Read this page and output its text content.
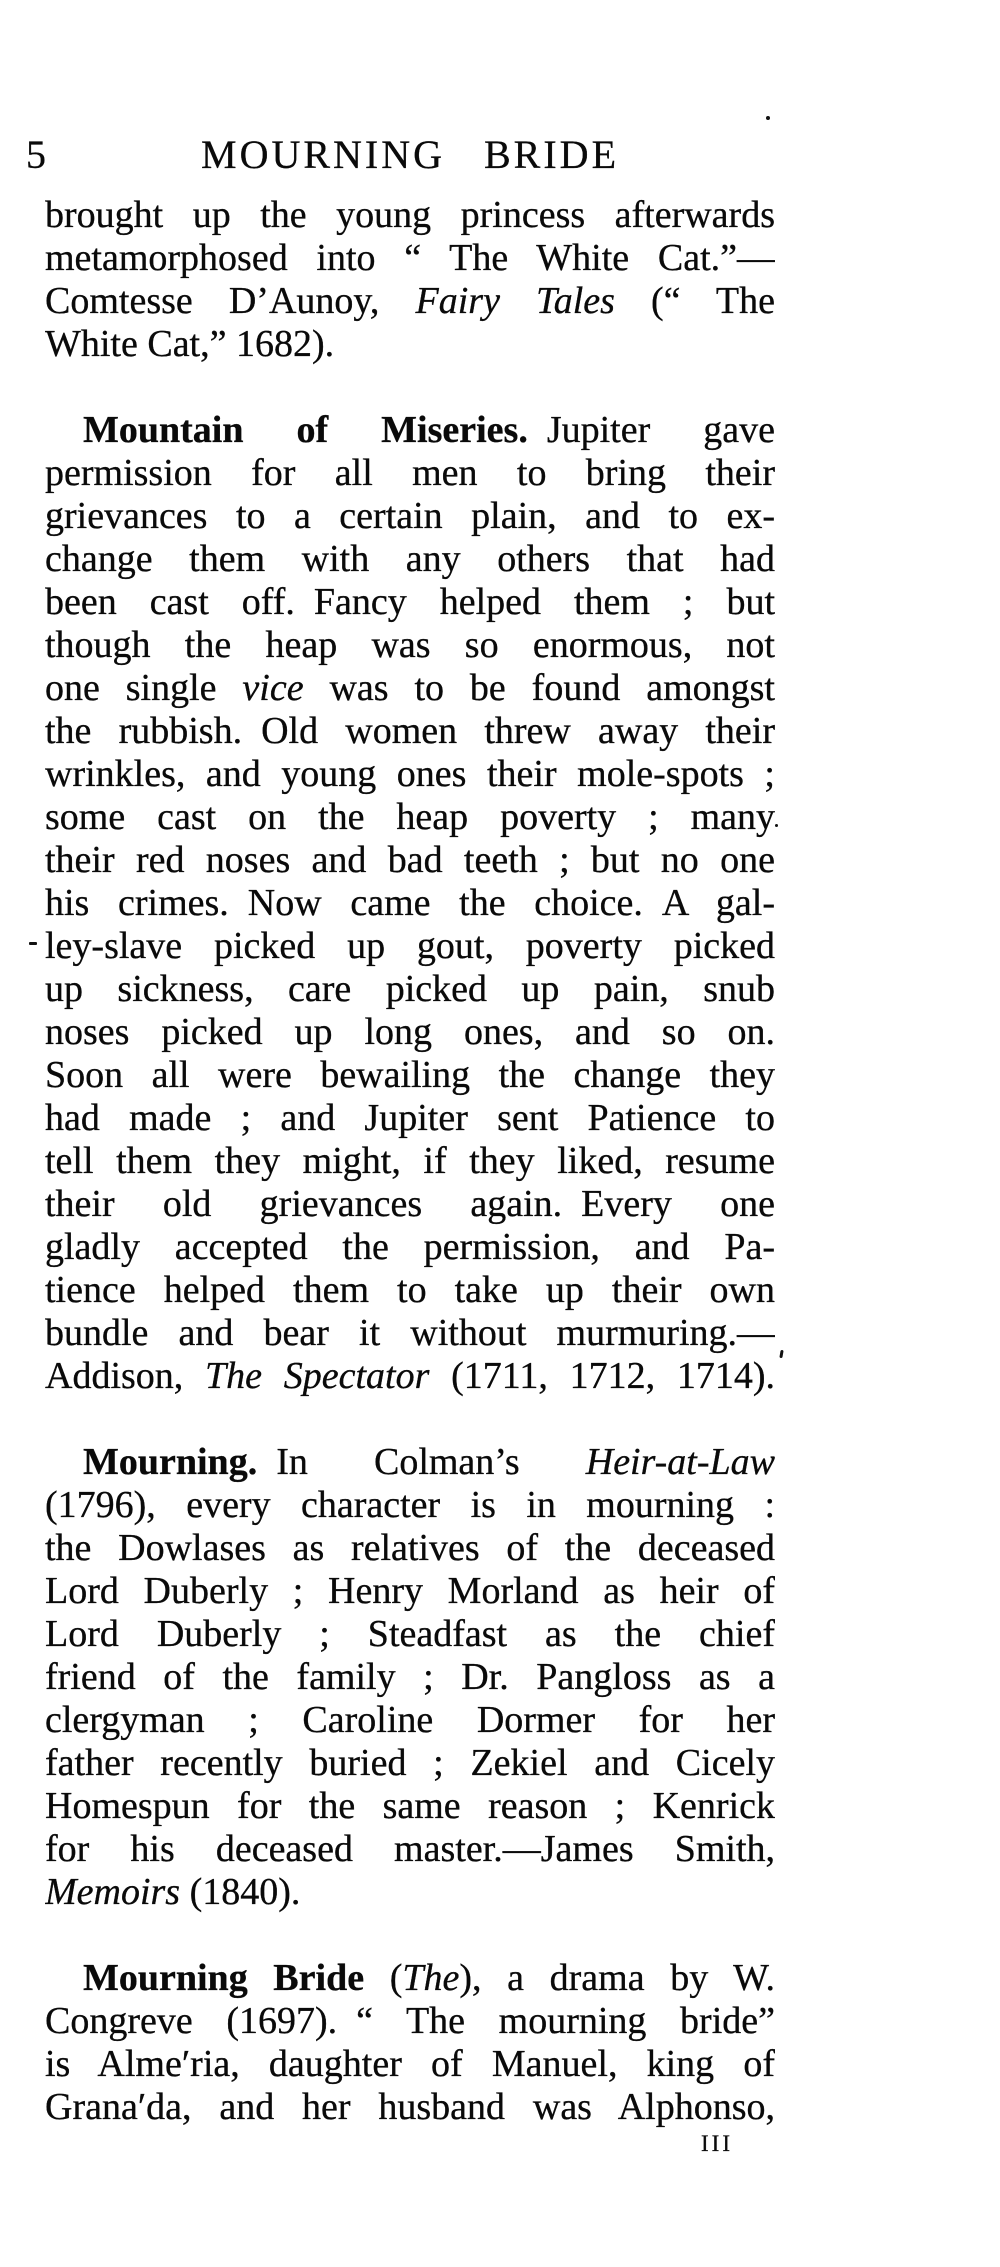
5	MOURNING BRIDE
brought up the young princess afterwards
metamorphosed into “ The White Cat.”—
Comtesse D’Aunoy, Fairy Tales (“ The
White Cat,” 1682).
Mountain of Miseries. Jupiter gave
permission for all men to bring their
grievances to a certain plain, and to ex-
change them with any others that had
been cast off. Fancy helped them ; but
though the heap was so enormous, not
one single vice was to be found amongst
the rubbish. Old women threw away their
wrinkles, and young ones their mole-spots ;
some cast on the heap poverty ; many
their red noses and bad teeth ; but no one
his crimes. Now came the choice. A gal-
ley-slave picked up gout, poverty picked
up sickness, care picked up pain, snub
noses picked up long ones, and so on.
Soon all were bewailing the change they
had made ; and Jupiter sent Patience to
tell them they might, if they liked, resume
their old grievances again. Every one
gladly accepted the permission, and Pa-
tience helped them to take up their own
bundle and bear it without murmuring.—
Addison, The Spectator (1711, 1712, 1714).
Mourning. In Colman’s Heir-at-Law
(1796), every character is in mourning :
the Dowlases as relatives of the deceased
Lord Duberly ; Henry Morland as heir of
Lord Duberly ; Steadfast as the chief
friend of the family ; Dr. Pangloss as a
clergyman ; Caroline Dormer for her
father recently buried ; Zekiel and Cicely
Homespun for the same reason ; Kenrick
for his deceased master.—James Smith,
Memoirs (1840).
Mourning Bride (The), a drama by W.
Congreve (1697). “ The mourning bride”
is Alme′ria, daughter of Manuel, king of
Grana′da, and her husband was Alphonso,
III
